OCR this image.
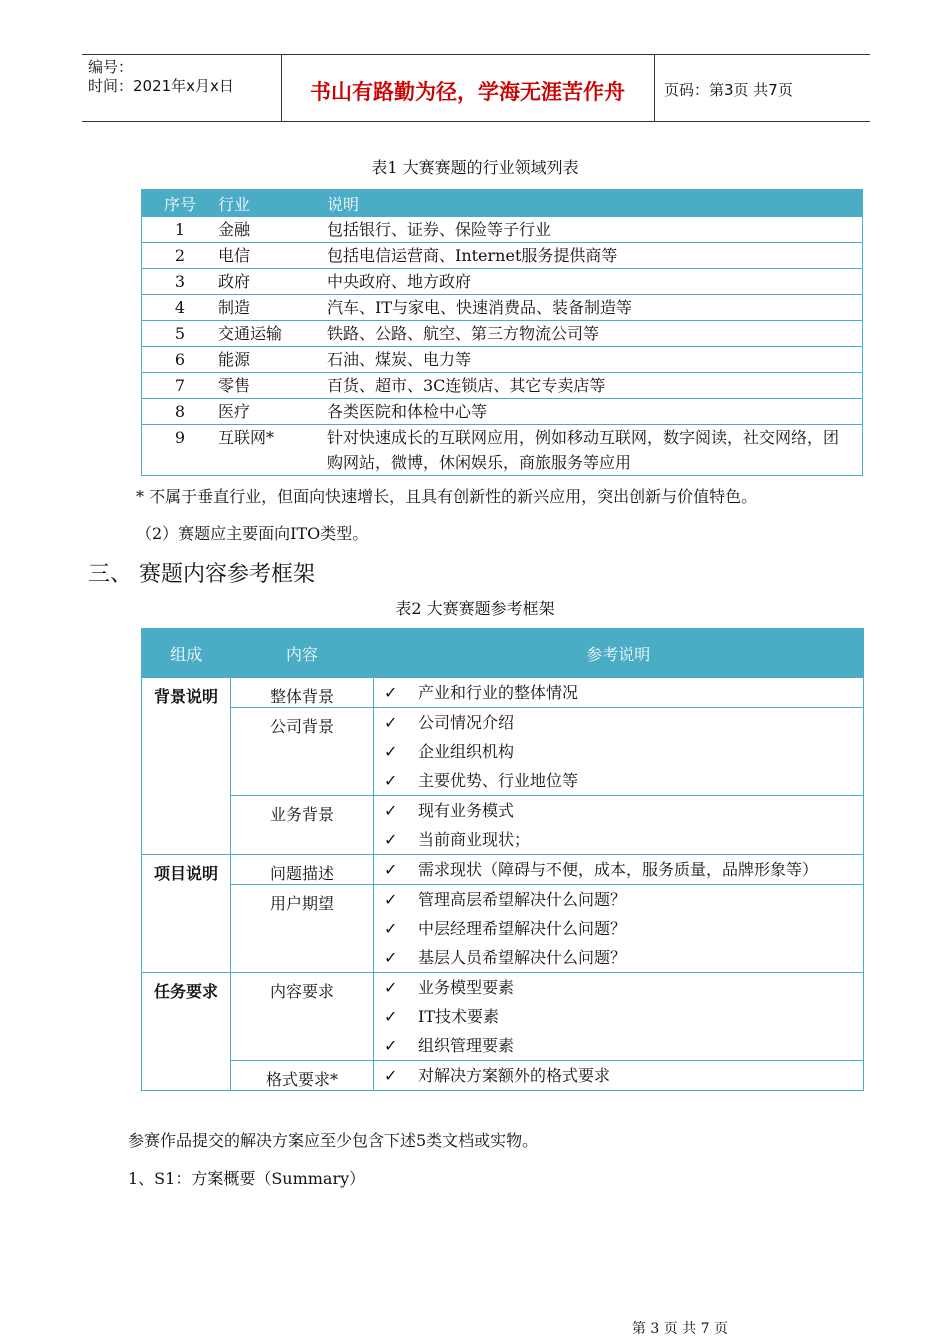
编号：
时间：2021年x月x日	书山有路勤为径，学海无涯苦作舟	页码：第3页 共7页
表1 大赛赛题的行业领域列表
序号	行业	说明
1	金融	包括银行、证券、保险等子行业
2	电信	包括电信运营商、Internet服务提供商等
3	政府	中央政府、地方政府
4	制造	汽车、IT与家电、快速消费品、装备制造等
5	交通运输	铁路、公路、航空、第三方物流公司等
6	能源	石油、煤炭、电力等
7	零售	百货、超市、3C连锁店、其它专卖店等
8	医疗	各类医院和体检中心等
9	互联网*	针对快速成长的互联网应用，例如移动互联网，数字阅读，社交网络，团购网站，微博，休闲娱乐，商旅服务等应用
* 不属于垂直行业，但面向快速增长，且具有创新性的新兴应用，突出创新与价值特色。
（2）赛题应主要面向ITO类型。
三、 赛题内容参考框架
表2 大赛赛题参考框架
组成	内容	参考说明
背景说明	整体背景	✓ 产业和行业的整体情况

	公司背景	✓ 公司情况介绍
✓ 企业组织机构
✓ 主要优势、行业地位等

	业务背景	✓ 现有业务模式
✓ 当前商业现状；

项目说明	问题描述	✓ 需求现状（障碍与不便，成本，服务质量，品牌形象等）

	用户期望	✓ 管理高层希望解决什么问题？
✓ 中层经理希望解决什么问题？
✓ 基层人员希望解决什么问题？

任务要求	内容要求	✓ 业务模型要素
✓ IT技术要素
✓ 组织管理要素

	格式要求*	✓ 对解决方案额外的格式要求
参赛作品提交的解决方案应至少包含下述5类文档或实物。
1、S1：方案概要（Summary）
第 3 页 共 7 页
